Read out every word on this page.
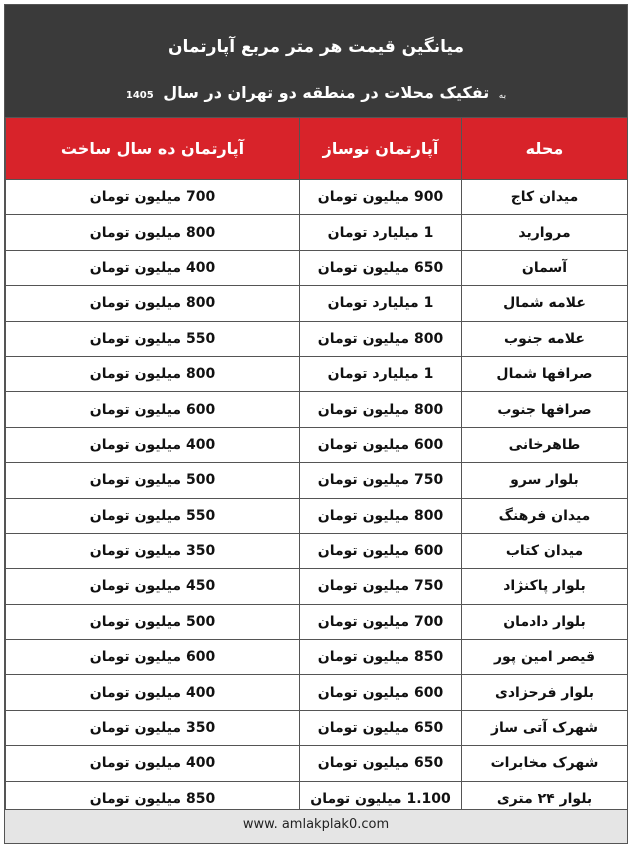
میانگین قیمت هر متر مربع آپارتمان
به تفکیک محلات در منطقه دو تهران در سال 1405
محله	آپارتمان نوساز	آپارتمان ده سال ساخت
میدان کاج	900 میلیون تومان	700 میلیون تومان
مروارید	1 میلیارد تومان	800 میلیون تومان
آسمان	650 میلیون تومان	400 میلیون تومان
علامه شمال	1 میلیارد تومان	800 میلیون تومان
علامه جنوب	800 میلیون تومان	550 میلیون تومان
صرافها شمال	1 میلیارد تومان	800 میلیون تومان
صرافها جنوب	800 میلیون تومان	600 میلیون تومان
طاهرخانی	600 میلیون تومان	400 میلیون تومان
بلوار سرو	750 میلیون تومان	500 میلیون تومان
میدان فرهنگ	800 میلیون تومان	550 میلیون تومان
میدان کتاب	600 میلیون تومان	350 میلیون تومان
بلوار پاکنژاد	750 میلیون تومان	450 میلیون تومان
بلوار دادمان	700 میلیون تومان	500 میلیون تومان
قیصر امین پور	850 میلیون تومان	600 میلیون تومان
بلوار فرحزادی	600 میلیون تومان	400 میلیون تومان
شهرک آتی ساز	650 میلیون تومان	350 میلیون تومان
شهرک مخابرات	650 میلیون تومان	400 میلیون تومان
بلوار ۲۴ متری	1.100 میلیون تومان	850 میلیون تومان
www. amlakplak0.com
